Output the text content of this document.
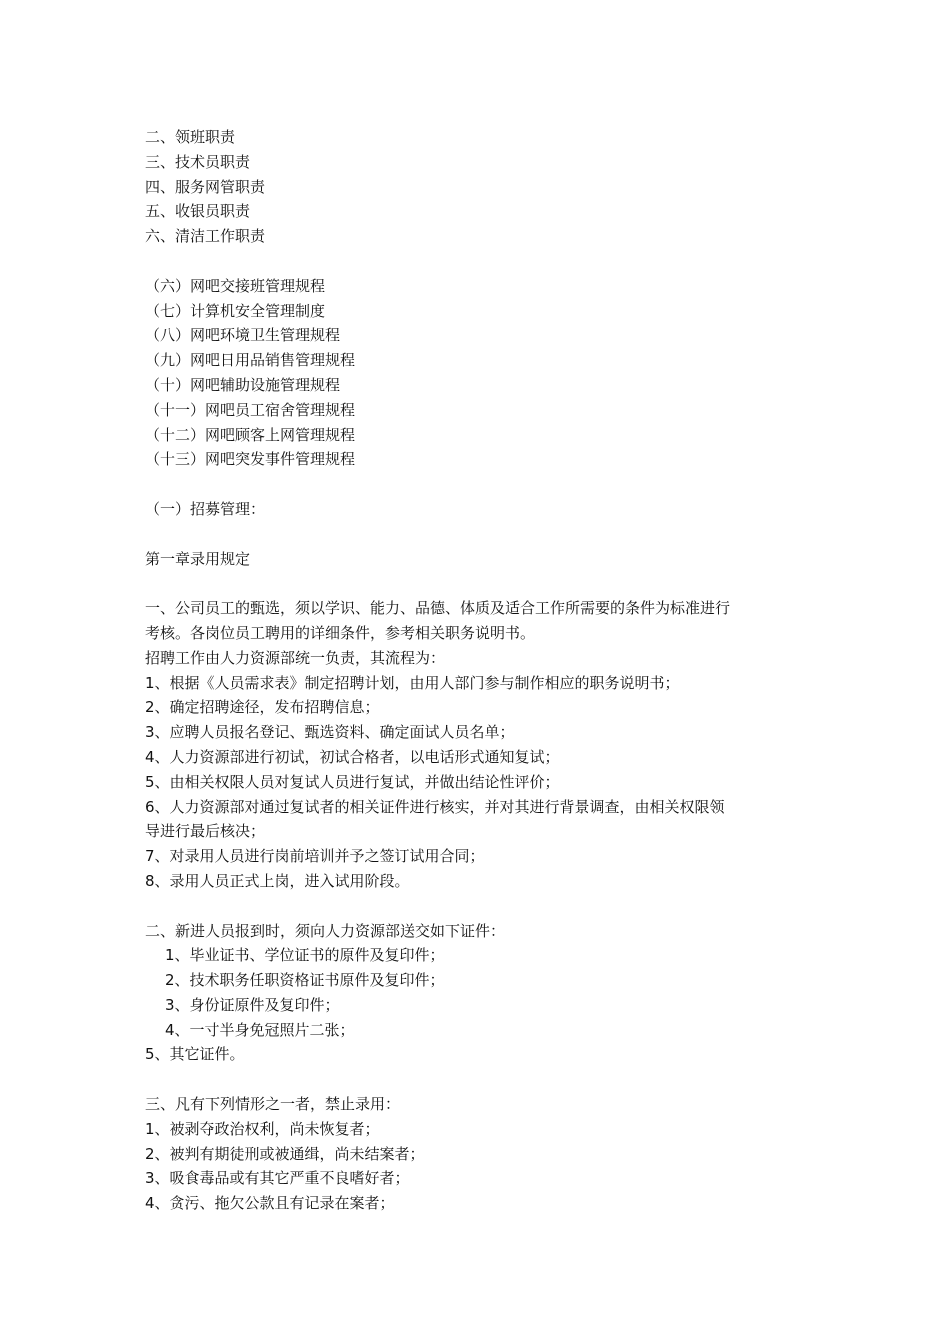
二、领班职责
三、技术员职责
四、服务网管职责
五、收银员职责
六、清洁工作职责
（六）网吧交接班管理规程
（七）计算机安全管理制度
（八）网吧环境卫生管理规程
（九）网吧日用品销售管理规程
（十）网吧辅助设施管理规程
（十一）网吧员工宿舍管理规程
（十二）网吧顾客上网管理规程
（十三）网吧突发事件管理规程
（一）招募管理：
第一章录用规定
一、公司员工的甄选，须以学识、能力、品德、体质及适合工作所需要的条件为标准进行
考核。各岗位员工聘用的详细条件，参考相关职务说明书。
招聘工作由人力资源部统一负责，其流程为：
1、根据《人员需求表》制定招聘计划，由用人部门参与制作相应的职务说明书；
2、确定招聘途径，发布招聘信息；
3、应聘人员报名登记、甄选资料、确定面试人员名单；
4、人力资源部进行初试，初试合格者，以电话形式通知复试；
5、由相关权限人员对复试人员进行复试，并做出结论性评价；
6、人力资源部对通过复试者的相关证件进行核实，并对其进行背景调查，由相关权限领
导进行最后核决；
7、对录用人员进行岗前培训并予之签订试用合同；
8、录用人员正式上岗，进入试用阶段。
二、新进人员报到时，须向人力资源部送交如下证件：
1、毕业证书、学位证书的原件及复印件；
2、技术职务任职资格证书原件及复印件；
3、身份证原件及复印件；
4、一寸半身免冠照片二张；
5、其它证件。
三、凡有下列情形之一者，禁止录用：
1、被剥夺政治权利，尚未恢复者；
2、被判有期徒刑或被通缉，尚未结案者；
3、吸食毒品或有其它严重不良嗜好者；
4、贪污、拖欠公款且有记录在案者；
